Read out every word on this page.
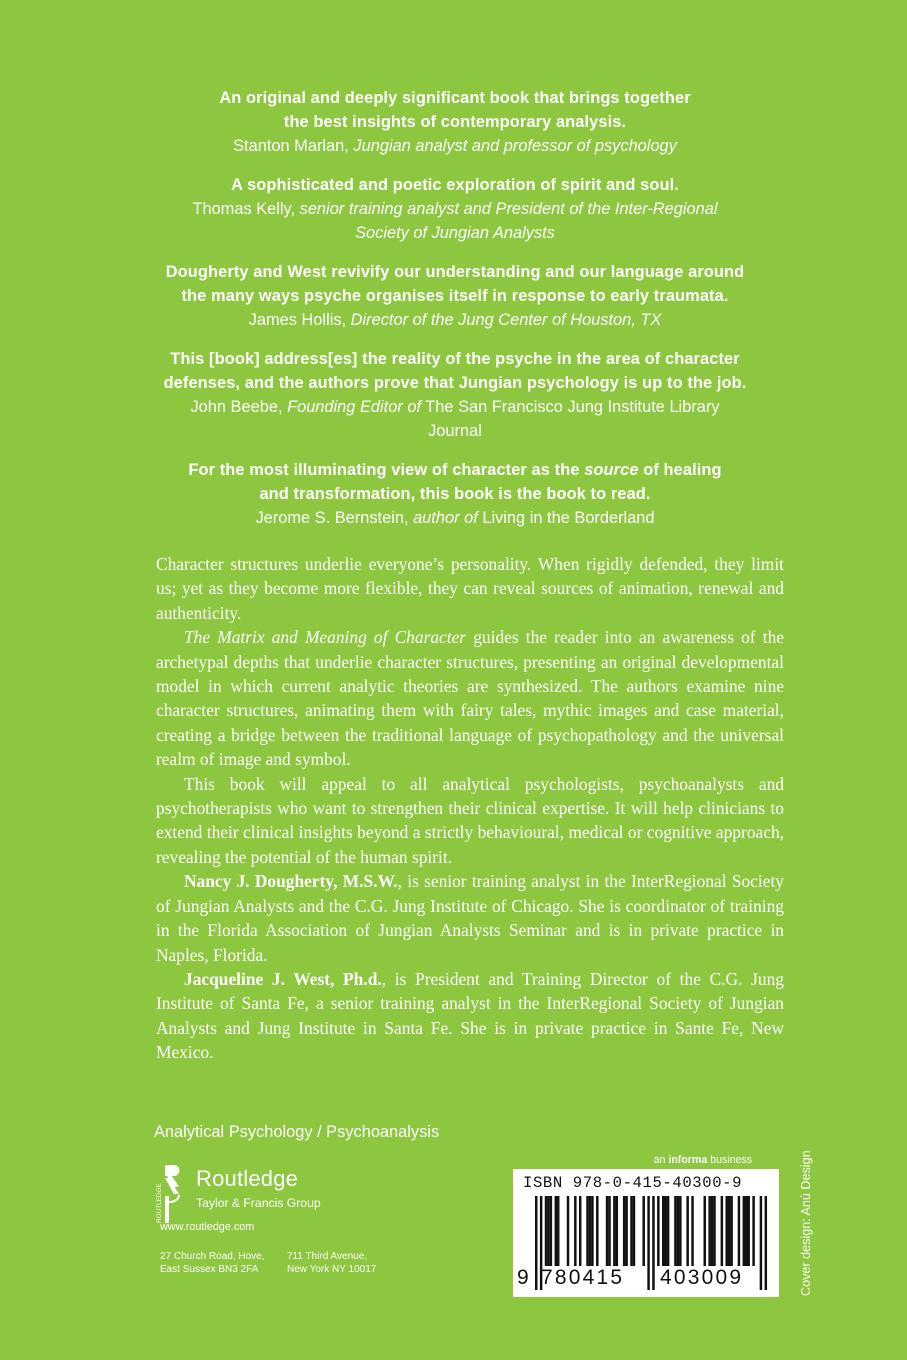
An original and deeply significant book that brings together
the best insights of contemporary analysis.
Stanton Marlan, Jungian analyst and professor of psychology
A sophisticated and poetic exploration of spirit and soul.
Thomas Kelly, senior training analyst and President of the Inter-Regional
Society of Jungian Analysts
Dougherty and West revivify our understanding and our language around
the many ways psyche organises itself in response to early traumata.
James Hollis, Director of the Jung Center of Houston, TX
This [book] address[es] the reality of the psyche in the area of character
defenses, and the authors prove that Jungian psychology is up to the job.
John Beebe, Founding Editor of The San Francisco Jung Institute Library
Journal
For the most illuminating view of character as the source of healing
and transformation, this book is the book to read.
Jerome S. Bernstein, author of Living in the Borderland

Character structures underlie everyone’s personality. When rigidly defended, they limit us; yet as they become more flexible, they can reveal sources of animation, renewal and authenticity.

The Matrix and Meaning of Character guides the reader into an awareness of the archetypal depths that underlie character structures, presenting an original developmental model in which current analytic theories are synthesized. The authors examine nine character structures, animating them with fairy tales, mythic images and case material, creating a bridge between the traditional language of psychopathology and the universal realm of image and symbol.

This book will appeal to all analytical psychologists, psychoanalysts and psychotherapists who want to strengthen their clinical expertise. It will help clinicians to extend their clinical insights beyond a strictly behavioural, medical or cognitive approach, revealing the potential of the human spirit.

Nancy J. Dougherty, M.S.W., is senior training analyst in the InterRegional Society of Jungian Analysts and the C.G. Jung Institute of Chicago. She is coordinator of training in the Florida Association of Jungian Analysts Seminar and is in private practice in Naples, Florida.

Jacqueline J. West, Ph.d., is President and Training Director of the C.G. Jung Institute of Santa Fe, a senior training analyst in the InterRegional Society of Jungian Analysts and Jung Institute in Santa Fe. She is in private practice in Sante Fe, New Mexico.

Analytical Psychology / Psychoanalysis
ROUTLEDGE
Routledge
Taylor & Francis Group
www.routledge.com
27 Church Road, Hove,
East Sussex BN3 2FA
711 Third Avenue,
New York NY 10017
an informa business
ISBN 978-0-415-40300-9
9 780415 403009	Cover design: Anú Design
